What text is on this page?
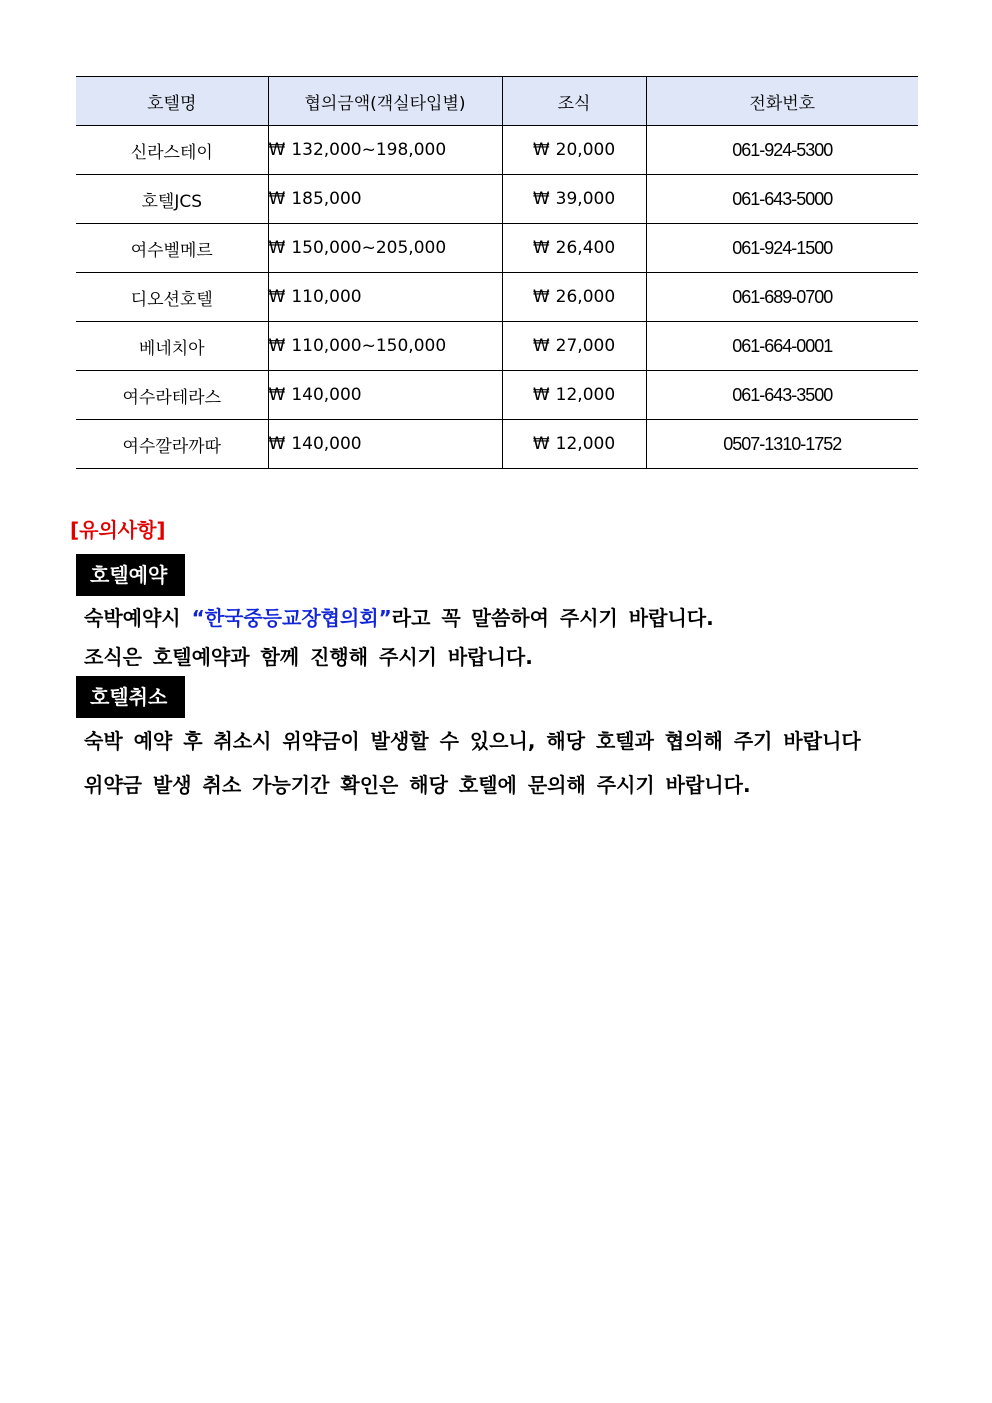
호텔명	협의금액(객실타입별)	조식	전화번호
신라스테이	₩ 132,000~198,000	₩ 20,000	061-924-5300
호텔JCS	₩ 185,000	₩ 39,000	061-643-5000
여수벨메르	₩ 150,000~205,000	₩ 26,400	061-924-1500
디오션호텔	₩ 110,000	₩ 26,000	061-689-0700
베네치아	₩ 110,000~150,000	₩ 27,000	061-664-0001
여수라테라스	₩ 140,000	₩ 12,000	061-643-3500
여수깔라까따	₩ 140,000	₩ 12,000	0507-1310-1752
[유의사항]
호텔예약
숙박예약시 “한국중등교장협의회”라고 꼭 말씀하여 주시기 바랍니다.
조식은 호텔예약과 함께 진행해 주시기 바랍니다.
호텔취소
숙박 예약 후 취소시 위약금이 발생할 수 있으니, 해당 호텔과 협의해 주기 바랍니다
위약금 발생 취소 가능기간 확인은 해당 호텔에 문의해 주시기 바랍니다.
